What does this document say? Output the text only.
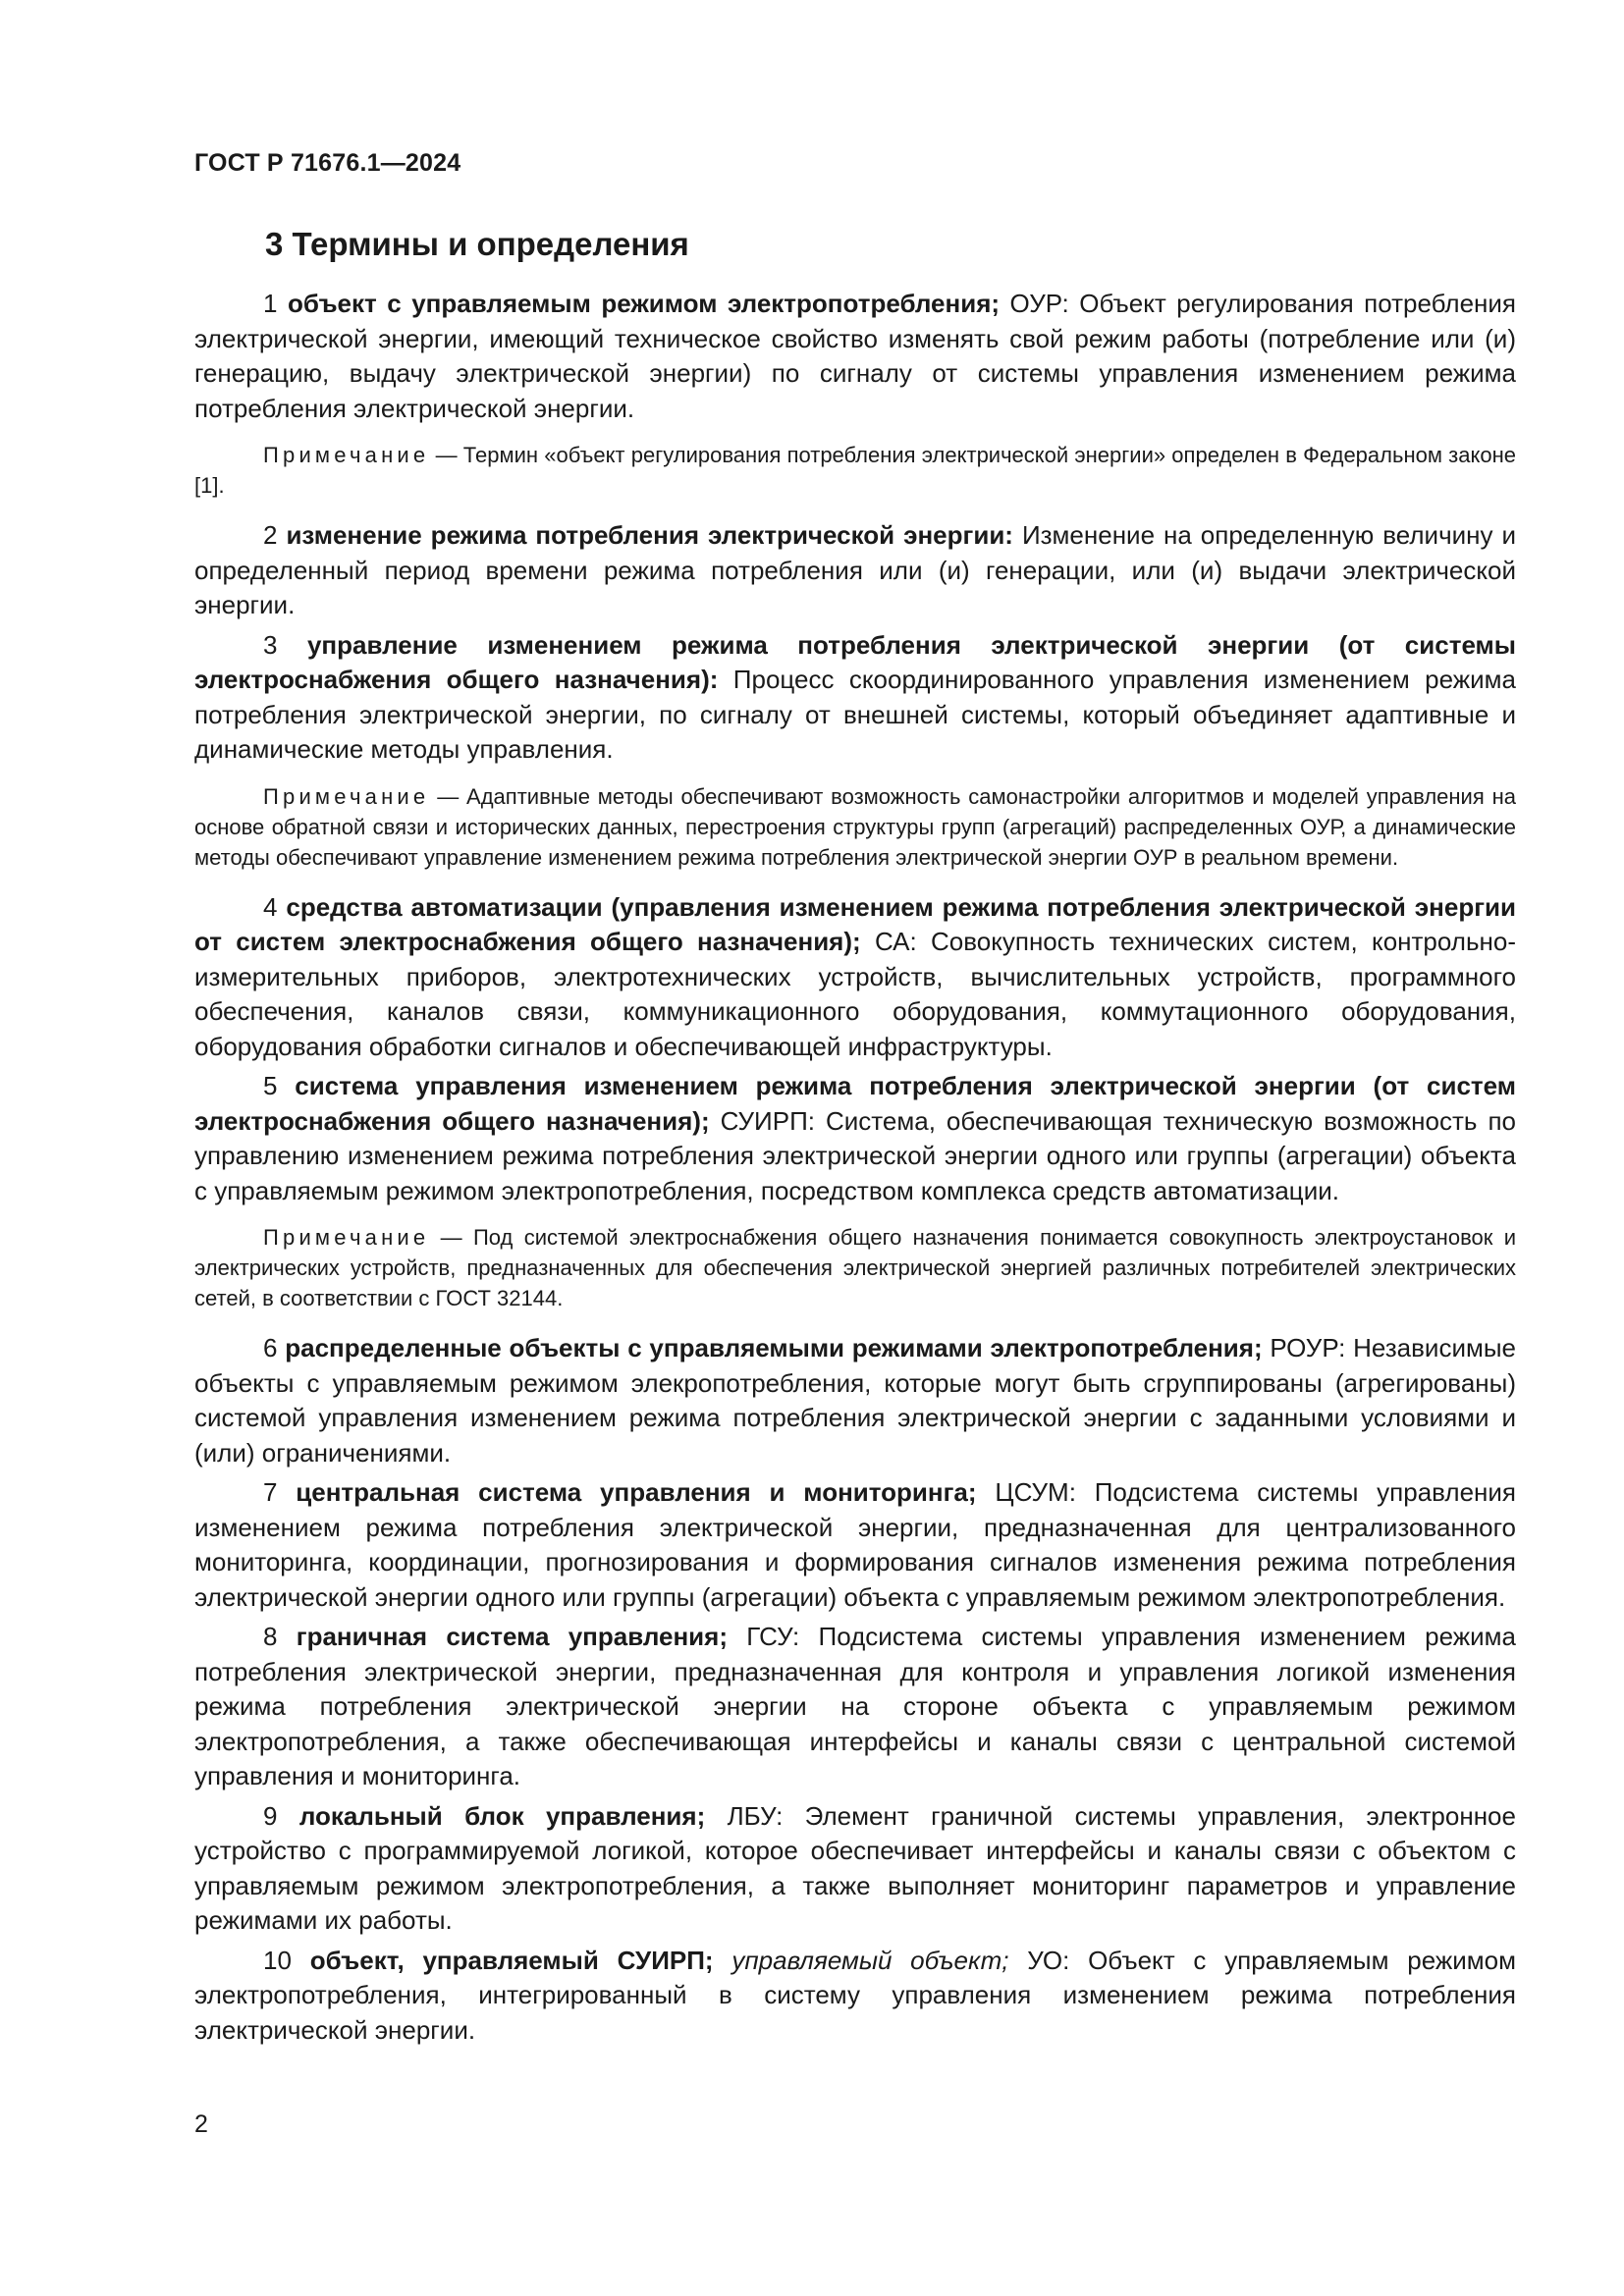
ГОСТ Р 71676.1—2024
3 Термины и определения

1 объект с управляемым режимом электропотребления; ОУР: Объект регулирования потребления электрической энергии, имеющий техническое свойство изменять свой режим работы (потребление или (и) генерацию, выдачу электрической энергии) по сигналу от системы управления изменением режима потребления электрической энергии.

Примечание — Термин «объект регулирования потребления электрической энергии» определен в Федеральном законе [1].

2 изменение режима потребления электрической энергии: Изменение на определенную величину и определенный период времени режима потребления или (и) генерации, или (и) выдачи электрической энергии.

3 управление изменением режима потребления электрической энергии (от системы электроснабжения общего назначения): Процесс скоординированного управления изменением режима потребления электрической энергии, по сигналу от внешней системы, который объединяет адаптивные и динамические методы управления.

Примечание — Адаптивные методы обеспечивают возможность самонастройки алгоритмов и моделей управления на основе обратной связи и исторических данных, перестроения структуры групп (агрегаций) распределенных ОУР, а динамические методы обеспечивают управление изменением режима потребления электрической энергии ОУР в реальном времени.

4 средства автоматизации (управления изменением режима потребления электрической энергии от систем электроснабжения общего назначения); СА: Совокупность технических систем, контрольно-измерительных приборов, электротехнических устройств, вычислительных устройств, программного обеспечения, каналов связи, коммуникационного оборудования, коммутационного оборудования, оборудования обработки сигналов и обеспечивающей инфраструктуры.

5 система управления изменением режима потребления электрической энергии (от систем электроснабжения общего назначения); СУИРП: Система, обеспечивающая техническую возможность по управлению изменением режима потребления электрической энергии одного или группы (агрегации) объекта с управляемым режимом электропотребления, посредством комплекса средств автоматизации.

Примечание — Под системой электроснабжения общего назначения понимается совокупность электроустановок и электрических устройств, предназначенных для обеспечения электрической энергией различных потребителей электрических сетей, в соответствии с ГОСТ 32144.

6 распределенные объекты с управляемыми режимами электропотребления; РОУР: Независимые объекты с управляемым режимом элекропотребления, которые могут быть сгруппированы (агрегированы) системой управления изменением режима потребления электрической энергии с заданными условиями и (или) ограничениями.

7 центральная система управления и мониторинга; ЦСУМ: Подсистема системы управления изменением режима потребления электрической энергии, предназначенная для централизованного мониторинга, координации, прогнозирования и формирования сигналов изменения режима потребления электрической энергии одного или группы (агрегации) объекта с управляемым режимом электропотребления.

8 граничная система управления; ГСУ: Подсистема системы управления изменением режима потребления электрической энергии, предназначенная для контроля и управления логикой изменения режима потребления электрической энергии на стороне объекта с управляемым режимом электропотребления, а также обеспечивающая интерфейсы и каналы связи с центральной системой управления и мониторинга.

9 локальный блок управления; ЛБУ: Элемент граничной системы управления, электронное устройство с программируемой логикой, которое обеспечивает интерфейсы и каналы связи с объектом с управляемым режимом электропотребления, а также выполняет мониторинг параметров и управление режимами их работы.

10 объект, управляемый СУИРП; управляемый объект; УО: Объект с управляемым режимом электропотребления, интегрированный в систему управления изменением режима потребления электрической энергии.

2
